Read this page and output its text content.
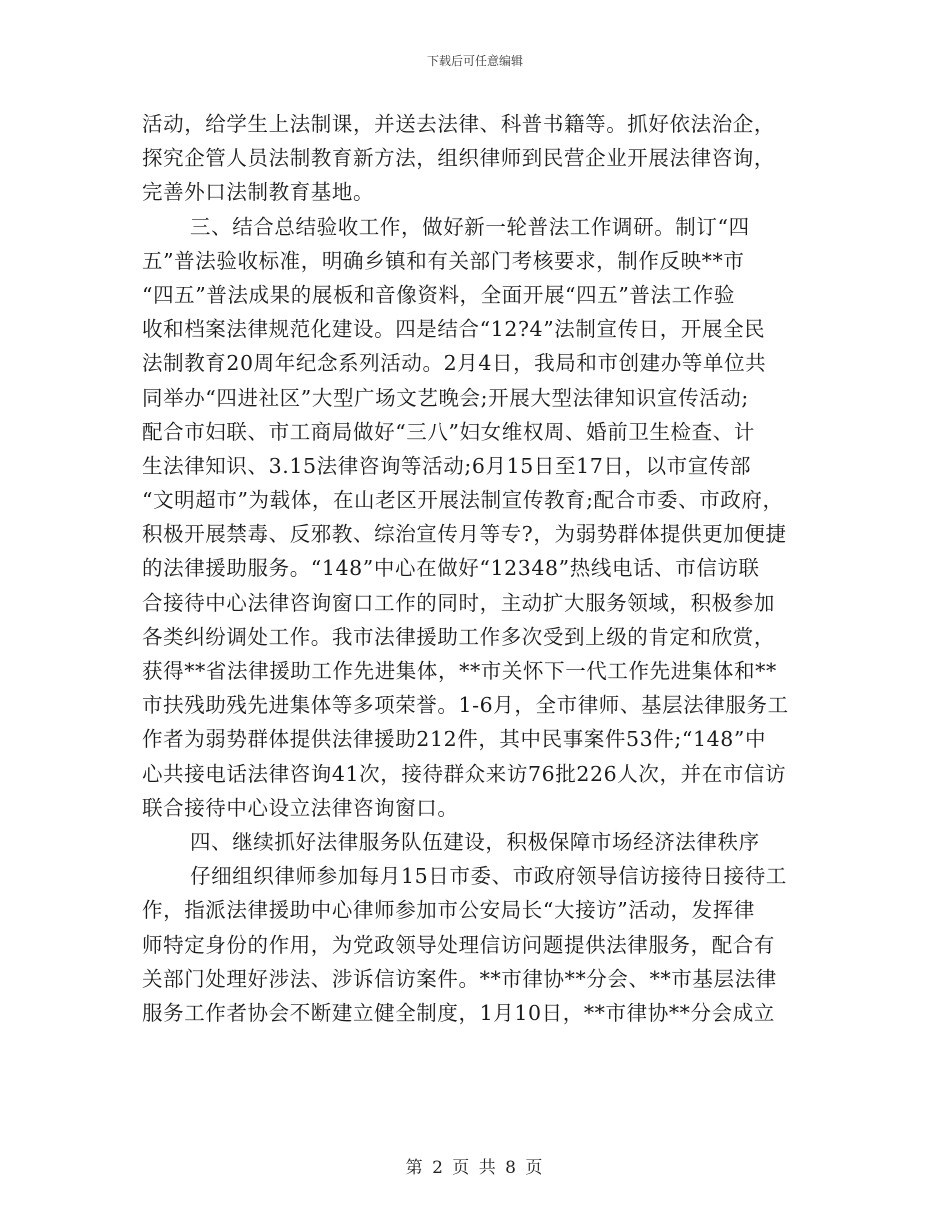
下载后可任意编辑
活动，给学生上法制课，并送去法律、科普书籍等。抓好依法治企，
探究企管人员法制教育新方法，组织律师到民营企业开展法律咨询，
完善外口法制教育基地。
三、结合总结验收工作，做好新一轮普法工作调研。制订“四
五”普法验收标准，明确乡镇和有关部门考核要求，制作反映**市
“四五”普法成果的展板和音像资料，全面开展“四五”普法工作验
收和档案法律规范化建设。四是结合“12?4”法制宣传日，开展全民
法制教育20周年纪念系列活动。2月4日，我局和市创建办等单位共
同举办“四进社区”大型广场文艺晚会;开展大型法律知识宣传活动;
配合市妇联、市工商局做好“三八”妇女维权周、婚前卫生检查、计
生法律知识、3.15法律咨询等活动;6月15日至17日，以市宣传部
“文明超市”为载体，在山老区开展法制宣传教育;配合市委、市政府，
积极开展禁毒、反邪教、综治宣传月等专?，为弱势群体提供更加便捷
的法律援助服务。“148”中心在做好“12348”热线电话、市信访联
合接待中心法律咨询窗口工作的同时，主动扩大服务领域，积极参加
各类纠纷调处工作。我市法律援助工作多次受到上级的肯定和欣赏，
获得**省法律援助工作先进集体，**市关怀下一代工作先进集体和**
市扶残助残先进集体等多项荣誉。1-6月，全市律师、基层法律服务工
作者为弱势群体提供法律援助212件，其中民事案件53件;“148”中
心共接电话法律咨询41次，接待群众来访76批226人次，并在市信访
联合接待中心设立法律咨询窗口。
四、继续抓好法律服务队伍建设，积极保障市场经济法律秩序
仔细组织律师参加每月15日市委、市政府领导信访接待日接待工
作，指派法律援助中心律师参加市公安局长“大接访”活动，发挥律
师特定身份的作用，为党政领导处理信访问题提供法律服务，配合有
关部门处理好涉法、涉诉信访案件。**市律协**分会、**市基层法律
服务工作者协会不断建立健全制度，1月10日，**市律协**分会成立
第 2 页 共 8 页
